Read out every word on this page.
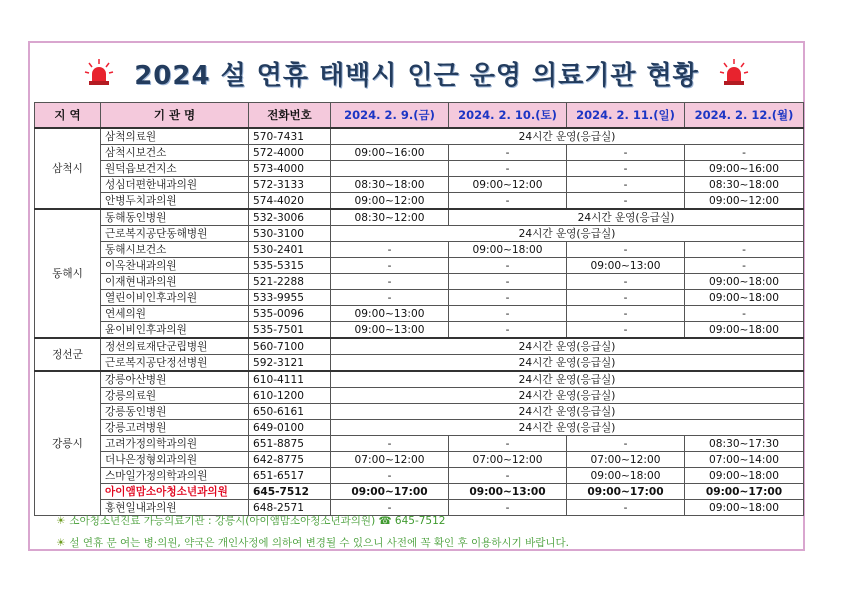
2024 설 연휴 태백시 인근 운영 의료기관 현황
지 역	기 관 명	전화번호	2024. 2. 9.(금)	2024. 2. 10.(토)	2024. 2. 11.(일)	2024. 2. 12.(월)
삼척시	삼척의료원	570-7431	24시간 운영(응급실)			
	삼척시보건소	572-4000	09:00~16:00	-	-	-
	원덕읍보건지소	573-4000		-	-	09:00~16:00
	성심더편한내과의원	572-3133	08:30~18:00	09:00~12:00	-	08:30~18:00
	안병두치과의원	574-4020	09:00~12:00	-	-	09:00~12:00
동해시	동해동인병원	532-3006	08:30~12:00	24시간 운영(응급실)		
	근로복지공단동해병원	530-3100	24시간 운영(응급실)			
	동해시보건소	530-2401	-	09:00~18:00	-	-
	이옥찬내과의원	535-5315	-	-	09:00~13:00	-
	이재현내과의원	521-2288	-	-	-	09:00~18:00
	열린이비인후과의원	533-9955	-	-	-	09:00~18:00
	연세의원	535-0096	09:00~13:00	-	-	-
	윤이비인후과의원	535-7501	09:00~13:00	-	-	09:00~18:00
정선군	정선의료재단군립병원	560-7100	24시간 운영(응급실)			
	근로복지공단정선병원	592-3121	24시간 운영(응급실)			
강릉시	강릉아산병원	610-4111	24시간 운영(응급실)			
	강릉의료원	610-1200	24시간 운영(응급실)			
	강릉동인병원	650-6161	24시간 운영(응급실)			
	강릉고려병원	649-0100	24시간 운영(응급실)			
	고려가정의학과의원	651-8875	-	-	-	08:30~17:30
	더나은정형외과의원	642-8775	07:00~12:00	07:00~12:00	07:00~12:00	07:00~14:00
	스마일가정의학과의원	651-6517	-	-	09:00~18:00	09:00~18:00
	아이앰맘소아청소년과의원	645-7512	09:00~17:00	09:00~13:00	09:00~17:00	09:00~17:00
	홍현일내과의원	648-2571	-	-	-	09:00~18:00
☀ 소아청소년진료 가능의료기관 : 강릉시(아이앰맘소아청소년과의원) ☎ 645-7512
☀ 설 연휴 문 여는 병·의원, 약국은 개인사정에 의하여 변경될 수 있으니 사전에 꼭 확인 후 이용하시기 바랍니다.
